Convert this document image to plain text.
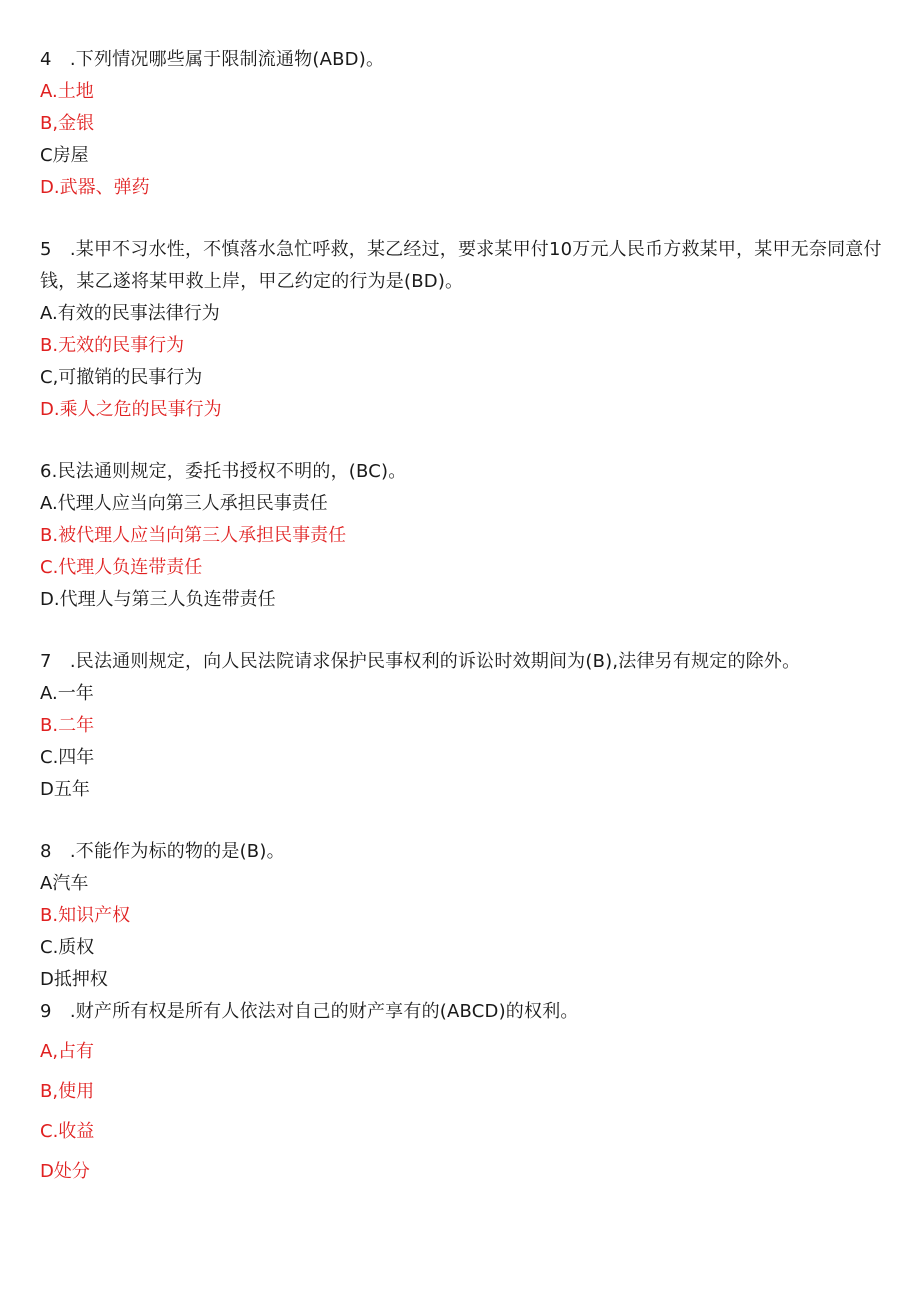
4　.下列情况哪些属于限制流通物(ABD)。

A.土地

B,金银

C房屋

D.武器、弹药

5　.某甲不习水性，不慎落水急忙呼救，某乙经过，要求某甲付10万元人民币方救某甲，某甲无奈同意付钱，某乙遂将某甲救上岸，甲乙约定的行为是(BD)。

A.有效的民事法律行为

B.无效的民事行为

C,可撤销的民事行为

D.乘人之危的民事行为

6.民法通则规定，委托书授权不明的，(BC)。

A.代理人应当向第三人承担民事责任

B.被代理人应当向第三人承担民事责任

C.代理人负连带责任

D.代理人与第三人负连带责任

7　.民法通则规定，向人民法院请求保护民事权利的诉讼时效期间为(B),法律另有规定的除外。

A.一年

B.二年

C.四年

D五年

8　.不能作为标的物的是(B)。

A汽车

B.知识产权

C.质权

D抵押权

9　.财产所有权是所有人依法对自己的财产享有的(ABCD)的权利。

A,占有

B,使用

C.收益

D处分
